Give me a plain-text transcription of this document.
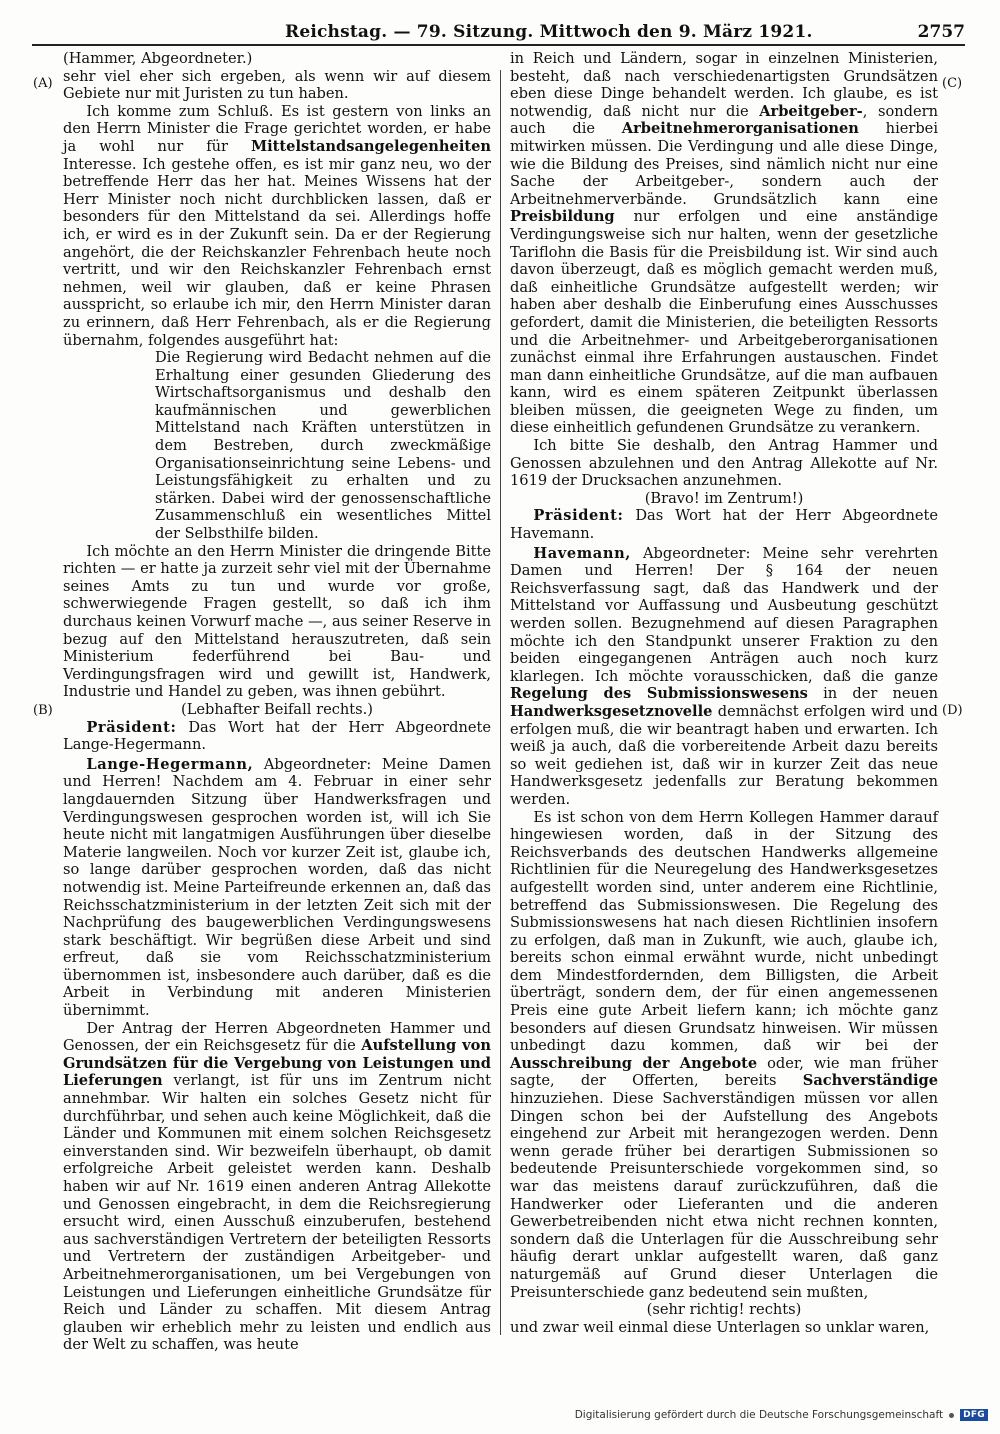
Reichstag. — 79. Sitzung. Mittwoch den 9. März 1921.	2757
(A)
(B)
(C)
(D)

(Hammer, Abgeordneter.)

sehr viel eher sich ergeben, als wenn wir auf diesem Gebiete nur mit Juristen zu tun haben.

Ich komme zum Schluß. Es ist gestern von links an den Herrn Minister die Frage gerichtet worden, er habe ja wohl nur für Mittelstandsangelegenheiten Interesse. Ich gestehe offen, es ist mir ganz neu, wo der betreffende Herr das her hat. Meines Wissens hat der Herr Minister noch nicht durchblicken lassen, daß er besonders für den Mittelstand da sei. Allerdings hoffe ich, er wird es in der Zukunft sein. Da er der Regierung angehört, die der Reichskanzler Fehrenbach heute noch vertritt, und wir den Reichskanzler Fehrenbach ernst nehmen, weil wir glauben, daß er keine Phrasen ausspricht, so erlaube ich mir, den Herrn Minister daran zu erinnern, daß Herr Fehrenbach, als er die Regierung übernahm, folgendes ausgeführt hat:

Die Regierung wird Bedacht nehmen auf die Erhaltung einer gesunden Gliederung des Wirtschaftsorganismus und deshalb den kaufmännischen und gewerblichen Mittelstand nach Kräften unterstützen in dem Bestreben, durch zweckmäßige Organisationseinrichtung seine Lebens- und Leistungsfähigkeit zu erhalten und zu stärken. Dabei wird der genossenschaftliche Zusammenschluß ein wesentliches Mittel der Selbsthilfe bilden.

Ich möchte an den Herrn Minister die dringende Bitte richten — er hatte ja zurzeit sehr viel mit der Übernahme seines Amts zu tun und wurde vor große, schwerwiegende Fragen gestellt, so daß ich ihm durchaus keinen Vorwurf mache —, aus seiner Reserve in bezug auf den Mittelstand herauszutreten, daß sein Ministerium federführend bei Bau- und Verdingungsfragen wird und gewillt ist, Handwerk, Industrie und Handel zu geben, was ihnen gebührt.

(Lebhafter Beifall rechts.)

Präsident: Das Wort hat der Herr Abgeordnete Lange-Hegermann.

Lange-Hegermann, Abgeordneter: Meine Damen und Herren! Nachdem am 4. Februar in einer sehr langdauernden Sitzung über Handwerksfragen und Verdingungswesen gesprochen worden ist, will ich Sie heute nicht mit langatmigen Ausführungen über dieselbe Materie langweilen. Noch vor kurzer Zeit ist, glaube ich, so lange darüber gesprochen worden, daß das nicht notwendig ist. Meine Parteifreunde erkennen an, daß das Reichsschatzministerium in der letzten Zeit sich mit der Nachprüfung des baugewerblichen Verdingungswesens stark beschäftigt. Wir begrüßen diese Arbeit und sind erfreut, daß sie vom Reichsschatzministerium übernommen ist, insbesondere auch darüber, daß es die Arbeit in Verbindung mit anderen Ministerien übernimmt.

Der Antrag der Herren Abgeordneten Hammer und Genossen, der ein Reichsgesetz für die Aufstellung von Grundsätzen für die Vergebung von Leistungen und Lieferungen verlangt, ist für uns im Zentrum nicht annehmbar. Wir halten ein solches Gesetz nicht für durchführbar, und sehen auch keine Möglichkeit, daß die Länder und Kommunen mit einem solchen Reichsgesetz einverstanden sind. Wir bezweifeln überhaupt, ob damit erfolgreiche Arbeit geleistet werden kann. Deshalb haben wir auf Nr. 1619 einen anderen Antrag Allekotte und Genossen eingebracht, in dem die Reichsregierung ersucht wird, einen Ausschuß einzuberufen, bestehend aus sachverständigen Vertretern der beteiligten Ressorts und Vertretern der zuständigen Arbeitgeber- und Arbeitnehmerorganisationen, um bei Vergebungen von Leistungen und Lieferungen einheitliche Grundsätze für Reich und Länder zu schaffen. Mit diesem Antrag glauben wir erheblich mehr zu leisten und endlich aus der Welt zu schaffen, was heute

in Reich und Ländern, sogar in einzelnen Ministerien, besteht, daß nach verschiedenartigsten Grundsätzen eben diese Dinge behandelt werden. Ich glaube, es ist notwendig, daß nicht nur die Arbeitgeber-, sondern auch die Arbeitnehmerorganisationen hierbei mitwirken müssen. Die Verdingung und alle diese Dinge, wie die Bildung des Preises, sind nämlich nicht nur eine Sache der Arbeitgeber-, sondern auch der Arbeitnehmerverbände. Grundsätzlich kann eine Preisbildung nur erfolgen und eine anständige Verdingungsweise sich nur halten, wenn der gesetzliche Tariflohn die Basis für die Preisbildung ist. Wir sind auch davon überzeugt, daß es möglich gemacht werden muß, daß einheitliche Grundsätze aufgestellt werden; wir haben aber deshalb die Einberufung eines Ausschusses gefordert, damit die Ministerien, die beteiligten Ressorts und die Arbeitnehmer- und Arbeitgeberorganisationen zunächst einmal ihre Erfahrungen austauschen. Findet man dann einheitliche Grundsätze, auf die man aufbauen kann, wird es einem späteren Zeitpunkt überlassen bleiben müssen, die geeigneten Wege zu finden, um diese einheitlich gefundenen Grundsätze zu verankern.

Ich bitte Sie deshalb, den Antrag Hammer und Genossen abzulehnen und den Antrag Allekotte auf Nr. 1619 der Drucksachen anzunehmen.

(Bravo! im Zentrum!)

Präsident: Das Wort hat der Herr Abgeordnete Havemann.

Havemann, Abgeordneter: Meine sehr verehrten Damen und Herren! Der § 164 der neuen Reichsverfassung sagt, daß das Handwerk und der Mittelstand vor Auffassung und Ausbeutung geschützt werden sollen. Bezugnehmend auf diesen Paragraphen möchte ich den Standpunkt unserer Fraktion zu den beiden eingegangenen Anträgen auch noch kurz klarlegen. Ich möchte vorausschicken, daß die ganze Regelung des Submissionswesens in der neuen Handwerksgesetznovelle demnächst erfolgen wird und erfolgen muß, die wir beantragt haben und erwarten. Ich weiß ja auch, daß die vorbereitende Arbeit dazu bereits so weit gediehen ist, daß wir in kurzer Zeit das neue Handwerksgesetz jedenfalls zur Beratung bekommen werden.

Es ist schon von dem Herrn Kollegen Hammer darauf hingewiesen worden, daß in der Sitzung des Reichsverbands des deutschen Handwerks allgemeine Richtlinien für die Neuregelung des Handwerksgesetzes aufgestellt worden sind, unter anderem eine Richtlinie, betreffend das Submissionswesen. Die Regelung des Submissionswesens hat nach diesen Richtlinien insofern zu erfolgen, daß man in Zukunft, wie auch, glaube ich, bereits schon einmal erwähnt wurde, nicht unbedingt dem Mindestfordernden, dem Billigsten, die Arbeit überträgt, sondern dem, der für einen angemessenen Preis eine gute Arbeit liefern kann; ich möchte ganz besonders auf diesen Grundsatz hinweisen. Wir müssen unbedingt dazu kommen, daß wir bei der Ausschreibung der Angebote oder, wie man früher sagte, der Offerten, bereits Sachverständige hinzuziehen. Diese Sachverständigen müssen vor allen Dingen schon bei der Aufstellung des Angebots eingehend zur Arbeit mit herangezogen werden. Denn wenn gerade früher bei derartigen Submissionen so bedeutende Preisunterschiede vorgekommen sind, so war das meistens darauf zurückzuführen, daß die Handwerker oder Lieferanten und die anderen Gewerbetreibenden nicht etwa nicht rechnen konnten, sondern daß die Unterlagen für die Ausschreibung sehr häufig derart unklar aufgestellt waren, daß ganz naturgemäß auf Grund dieser Unterlagen die Preisunterschiede ganz bedeutend sein mußten,

(sehr richtig! rechts)

und zwar weil einmal diese Unterlagen so unklar waren,

Digitalisierung gefördert durch die Deutsche Forschungsgemeinschaft	DFG
